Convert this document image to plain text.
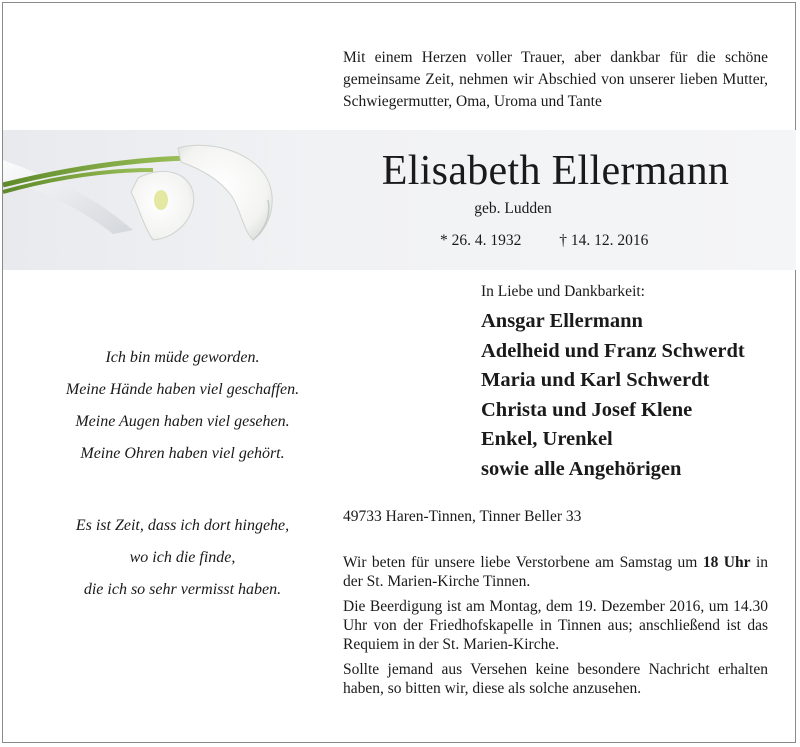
Mit einem Herzen voller Trauer, aber dankbar für die schöne gemeinsame Zeit, nehmen wir Abschied von unserer lieben Mutter, Schwiegermutter, Oma, Uroma und Tante
Elisabeth Ellermann
geb. Ludden
* 26. 4. 1932 † 14. 12. 2016
In Liebe und Dankbarkeit:
Ansgar Ellermann
Adelheid und Franz Schwerdt
Maria und Karl Schwerdt
Christa und Josef Klene
Enkel, Urenkel
sowie alle Angehörigen
Ich bin müde geworden.
Meine Hände haben viel geschaffen.
Meine Augen haben viel gesehen.
Meine Ohren haben viel gehört.
Es ist Zeit, dass ich dort hingehe,
wo ich die finde,
die ich so sehr vermisst haben.
49733 Haren-Tinnen, Tinner Beller 33

Wir beten für unsere liebe Verstorbene am Samstag um 18 Uhr in der St. Marien-Kirche Tinnen.

Die Beerdigung ist am Montag, dem 19. Dezember 2016, um 14.30 Uhr von der Friedhofskapelle in Tinnen aus; anschließend ist das Requiem in der St. Marien-Kirche.

Sollte jemand aus Versehen keine besondere Nachricht erhalten haben, so bitten wir, diese als solche anzusehen.
